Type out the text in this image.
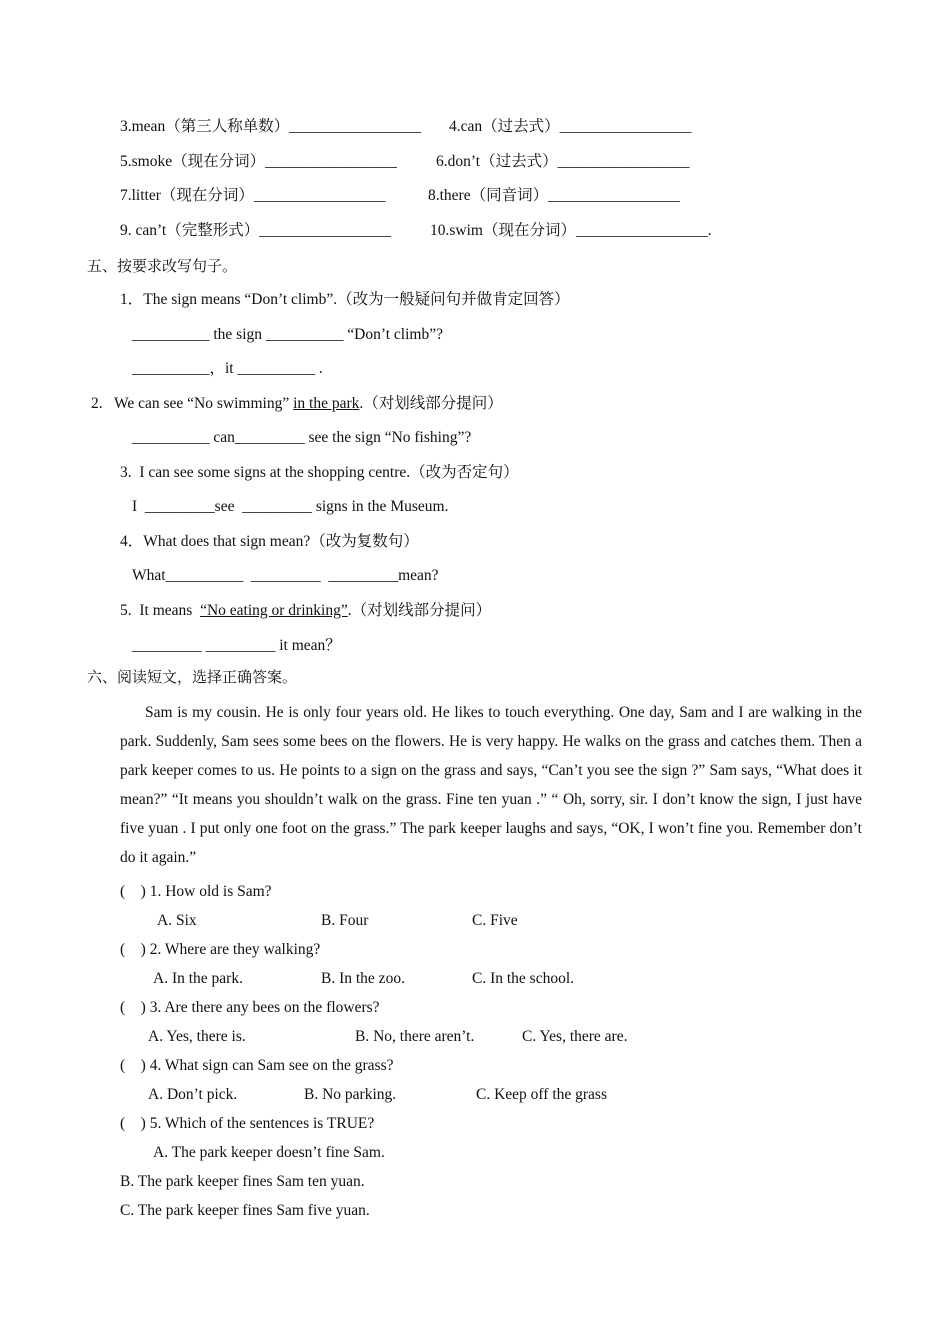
3.mean（第三人称单数）_________________ 4.can（过去式）_________________
5.smoke（现在分词）_________________	6.don’t（过去式）_________________
7.litter（现在分词）_________________	8.there（同音词）_________________
9. can’t（完整形式）_________________	10.swim（现在分词）_________________.
五、按要求改写句子。
1．The sign means “Don’t climb”.（改为一般疑问句并做肯定回答）
__________ the sign __________ “Don’t climb”?
__________，it __________ .
2.   We can see “No swimming” in the park.（对划线部分提问）
__________ can_________ see the sign “No fishing”?
3.  I can see some signs at the shopping centre.（改为否定句）
I  _________see  _________ signs in the Museum.
4．What does that sign mean?（改为复数句）
What__________  _________  _________mean?
5.  It means  “No eating or drinking”.（对划线部分提问）
_________ _________ it mean？
六、阅读短文，选择正确答案。
Sam is my cousin. He is only four years old. He likes to touch everything. One day, Sam and I are walking in the park. Suddenly, Sam sees some bees on the flowers. He is very happy. He walks on the grass and catches them. Then a park keeper comes to us. He points to a sign on the grass and says, “Can’t you see the sign ?” Sam says, “What does it mean?” “It means you shouldn’t walk on the grass. Fine ten yuan .” “ Oh, sorry, sir. I don’t know the sign, I just have five yuan . I put only one foot on the grass.” The park keeper laughs and says, “OK, I won’t fine you. Remember don’t do it again.”
(    ) 1. How old is Sam?
A. Six	B. Four	C. Five
(    ) 2. Where are they walking?
A. In the park.	B. In the zoo.	C. In the school.
(    ) 3. Are there any bees on the flowers?
A. Yes, there is.	B. No, there aren’t.	C. Yes, there are.
(    ) 4. What sign can Sam see on the grass?
A. Don’t pick.	B. No parking.	C. Keep off the grass
(    ) 5. Which of the sentences is TRUE?
A. The park keeper doesn’t fine Sam.
B. The park keeper fines Sam ten yuan.
C. The park keeper fines Sam five yuan.
